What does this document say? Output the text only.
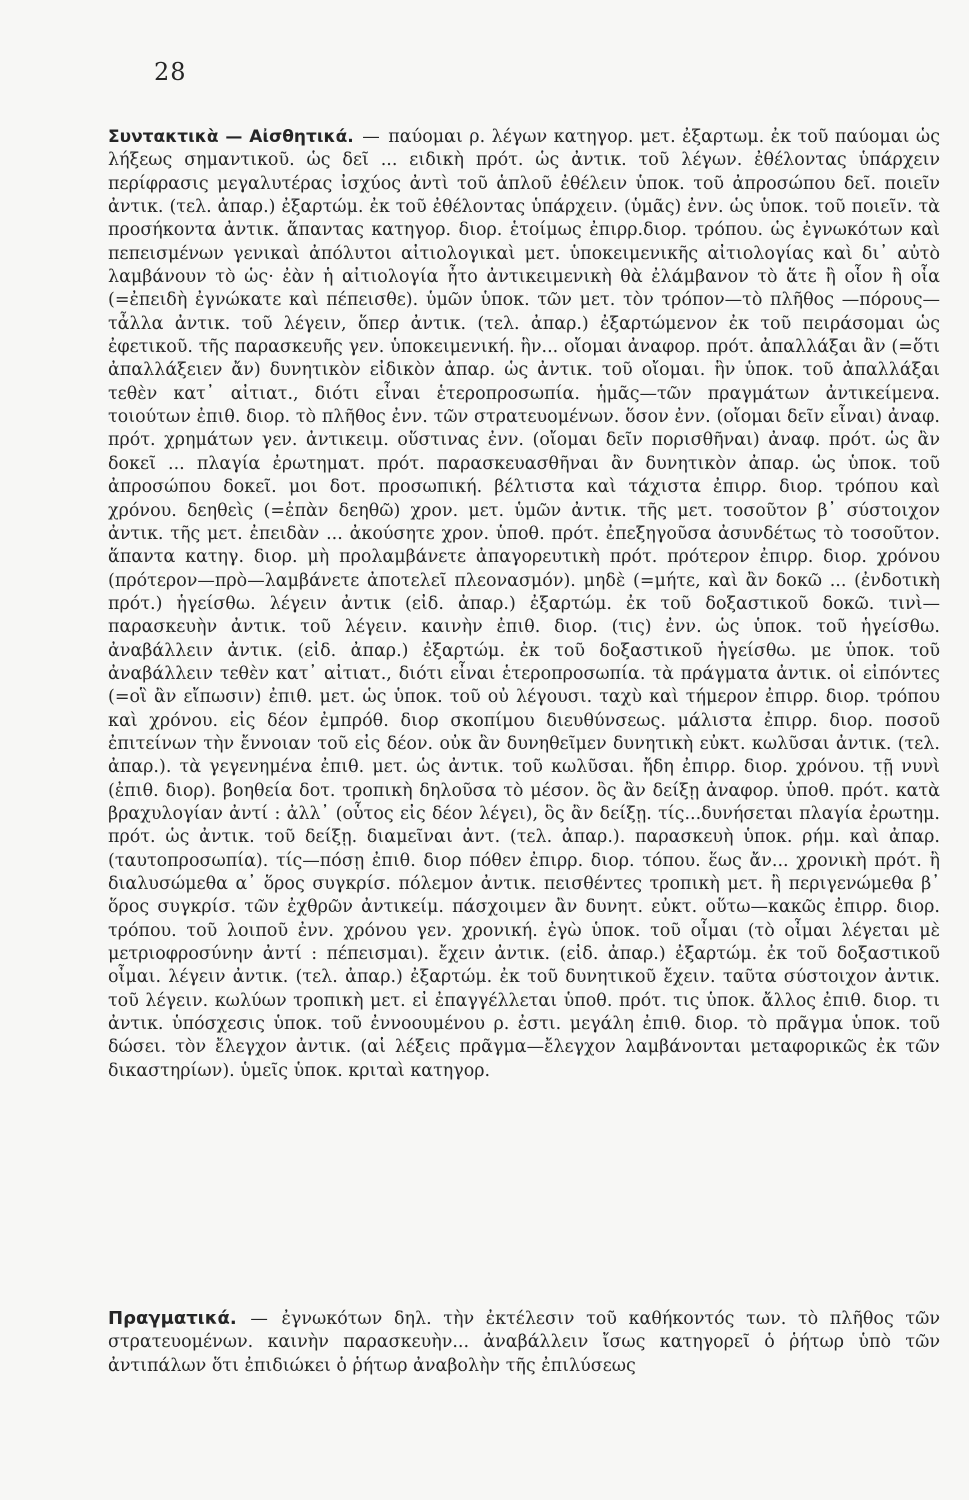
28
Συντακτικὰ — Αἰσθητικά. — παύομαι ρ. λέγων κατηγορ. μετ. ἐξαρτωμ. ἐκ τοῦ παύομαι ὡς λήξεως σημαντικοῦ. ὡς δεῖ ... ειδικὴ πρότ. ὡς ἀντικ. τοῦ λέγων. ἐθέλοντας ὑπάρχειν περίφρασις μεγαλυτέρας ἰσχύος ἀντὶ τοῦ ἁπλοῦ ἐθέλειν ὑποκ. τοῦ ἀπροσώπου δεῖ. ποιεῖν ἀντικ. (τελ. ἀπαρ.) ἐξαρτώμ. ἐκ τοῦ ἐθέλοντας ὑπάρχειν. (ὑμᾶς) ἐνν. ὡς ὑποκ. τοῦ ποιεῖν. τὰ προσήκοντα ἀντικ. ἅπαντας κατηγορ. διορ. ἑτοίμως ἐπιρρ.διορ. τρόπου. ὡς ἐγνωκότων καὶ πεπεισμένων γενικαὶ ἀπόλυτοι αἰτιολογικαὶ μετ. ὑποκειμενικῆς αἰτιολογίας καὶ δι᾿ αὐτὸ λαμβάνουν τὸ ὡς· ἐὰν ἡ αἰτιολογία ἦτο ἀντικειμενικὴ θὰ ἐλάμβανον τὸ ἅτε ἢ οἷον ἢ οἷα (=ἐπειδὴ ἐγνώκατε καὶ πέπεισθε). ὑμῶν ὑποκ. τῶν μετ. τὸν τρόπον—τὸ πλῆθος —πόρους—τἆλλα ἀντικ. τοῦ λέγειν, ὅπερ ἀντικ. (τελ. ἀπαρ.) ἐξαρτώμενον ἐκ τοῦ πειράσομαι ὡς ἐφετικοῦ. τῆς παρασκευῆς γεν. ὑποκειμενική. ἣν... οἴομαι ἀναφορ. πρότ. ἀπαλλάξαι ἂν (=ὅτι ἀπαλλάξειεν ἄν) δυνητικὸν εἰδικὸν ἀπαρ. ὡς ἀντικ. τοῦ οἴομαι. ἣν ὑποκ. τοῦ ἀπαλλάξαι τεθὲν κατ᾿ αἰτιατ., διότι εἶναι ἑτεροπροσωπία. ἡμᾶς—τῶν πραγμάτων ἀντικείμενα. τοιούτων ἐπιθ. διορ. τὸ πλῆθος ἐνν. τῶν στρατευομένων. ὅσον ἐνν. (οἴομαι δεῖν εἶναι) ἀναφ. πρότ. χρημάτων γεν. ἀντικειμ. οὕστινας ἐνν. (οἴομαι δεῖν πορισθῆναι) ἀναφ. πρότ. ὡς ἂν δοκεῖ ... πλαγία ἐρωτηματ. πρότ. παρασκευασθῆναι ἂν δυνητικὸν ἀπαρ. ὡς ὑποκ. τοῦ ἀπροσώπου δοκεῖ. μοι δοτ. προσωπική. βέλτιστα καὶ τάχιστα ἐπιρρ. διορ. τρόπου καὶ χρόνου. δεηθεὶς (=ἐπὰν δεηθῶ) χρον. μετ. ὑμῶν ἀντικ. τῆς μετ. τοσοῦτον β᾿ σύστοιχον ἀντικ. τῆς μετ. ἐπειδὰν ... ἀκούσητε χρον. ὑποθ. πρότ. ἐπεξηγοῦσα ἀσυνδέτως τὸ τοσοῦτον. ἅπαντα κατηγ. διορ. μὴ προλαμβάνετε ἀπαγορευτικὴ πρότ. πρότερον ἐπιρρ. διορ. χρόνου (πρότερον—πρὸ—λαμβάνετε ἀποτελεῖ πλεονασμόν). μηδὲ (=μήτε, καὶ ἂν δοκῶ ... (ἐνδοτικὴ πρότ.) ἡγείσθω. λέγειν ἀντικ (εἰδ. ἀπαρ.) ἐξαρτώμ. ἐκ τοῦ δοξαστικοῦ δοκῶ. τινὶ—παρασκευὴν ἀντικ. τοῦ λέγειν. καινὴν ἐπιθ. διορ. (τις) ἐνν. ὡς ὑποκ. τοῦ ἡγείσθω. ἀναβάλλειν ἀντικ. (εἰδ. ἀπαρ.) ἐξαρτώμ. ἐκ τοῦ δοξαστικοῦ ἡγείσθω. με ὑποκ. τοῦ ἀναβάλλειν τεθὲν κατ᾿ αἰτιατ., διότι εἶναι ἑτεροπροσωπία. τὰ πράγματα ἀντικ. οἱ εἰπόντες (=οἳ ἂν εἴπωσιν) ἐπιθ. μετ. ὡς ὑποκ. τοῦ οὐ λέγουσι. ταχὺ καὶ τήμερον ἐπιρρ. διορ. τρόπου καὶ χρόνου. εἰς δέον ἐμπρόθ. διορ σκοπίμου διευθύνσεως. μάλιστα ἐπιρρ. διορ. ποσοῦ ἐπιτείνων τὴν ἔννοιαν τοῦ εἰς δέον. οὐκ ἂν δυνηθεῖμεν δυνητικὴ εὐκτ. κωλῦσαι ἀντικ. (τελ. ἀπαρ.). τὰ γεγενημένα ἐπιθ. μετ. ὡς ἀντικ. τοῦ κωλῦσαι. ἤδη ἐπιρρ. διορ. χρόνου. τῇ νυνὶ (ἐπιθ. διορ). βοηθεία δοτ. τροπικὴ δηλοῦσα τὸ μέσον. ὃς ἂν δείξῃ ἀναφορ. ὑποθ. πρότ. κατὰ βραχυλογίαν ἀντί : ἀλλ᾿ (οὗτος εἰς δέον λέγει), ὃς ἂν δείξῃ. τίς...δυνήσεται πλαγία ἐρωτημ. πρότ. ὡς ἀντικ. τοῦ δείξῃ. διαμεῖναι ἀντ. (τελ. ἀπαρ.). παρασκευὴ ὑποκ. ρήμ. καὶ ἀπαρ. (ταυτοπροσωπία). τίς—πόσῃ ἐπιθ. διορ πόθεν ἐπιρρ. διορ. τόπου. ἕως ἄν... χρονικὴ πρότ. ἢ διαλυσώμεθα α᾿ ὅρος συγκρίσ. πόλεμον ἀντικ. πεισθέντες τροπικὴ μετ. ἢ περιγενώμεθα β᾿ ὅρος συγκρίσ. τῶν ἐχθρῶν ἀντικείμ. πάσχοιμεν ἂν δυνητ. εὐκτ. οὕτω—κακῶς ἐπιρρ. διορ. τρόπου. τοῦ λοιποῦ ἐνν. χρόνου γεν. χρονική. ἐγὼ ὑποκ. τοῦ οἶμαι (τὸ οἶμαι λέγεται μὲ μετριοφροσύνην ἀντί : πέπεισμαι). ἔχειν ἀντικ. (εἰδ. ἀπαρ.) ἐξαρτώμ. ἐκ τοῦ δοξαστικοῦ οἶμαι. λέγειν ἀντικ. (τελ. ἀπαρ.) ἐξαρτώμ. ἐκ τοῦ δυνητικοῦ ἔχειν. ταῦτα σύστοιχον ἀντικ. τοῦ λέγειν. κωλύων τροπικὴ μετ. εἰ ἐπαγγέλλεται ὑποθ. πρότ. τις ὑποκ. ἄλλος ἐπιθ. διορ. τι ἀντικ. ὑπόσχεσις ὑποκ. τοῦ ἐννοουμένου ρ. ἐστι. μεγάλη ἐπιθ. διορ. τὸ πρᾶγμα ὑποκ. τοῦ δώσει. τὸν ἔλεγχον ἀντικ. (αἱ λέξεις πρᾶγμα—ἔλεγχον λαμβάνονται μεταφορικῶς ἐκ τῶν δικαστηρίων). ὑμεῖς ὑποκ. κριταὶ κατηγορ.
Πραγματικά. — ἐγνωκότων δηλ. τὴν ἐκτέλεσιν τοῦ καθήκοντός των. τὸ πλῆθος τῶν στρατευομένων. καινὴν παρασκευὴν... ἀναβάλλειν ἴσως κατηγορεῖ ὁ ῥήτωρ ὑπὸ τῶν ἀντιπάλων ὅτι ἐπιδιώκει ὁ ῥήτωρ ἀναβολὴν τῆς ἐπιλύσεως
